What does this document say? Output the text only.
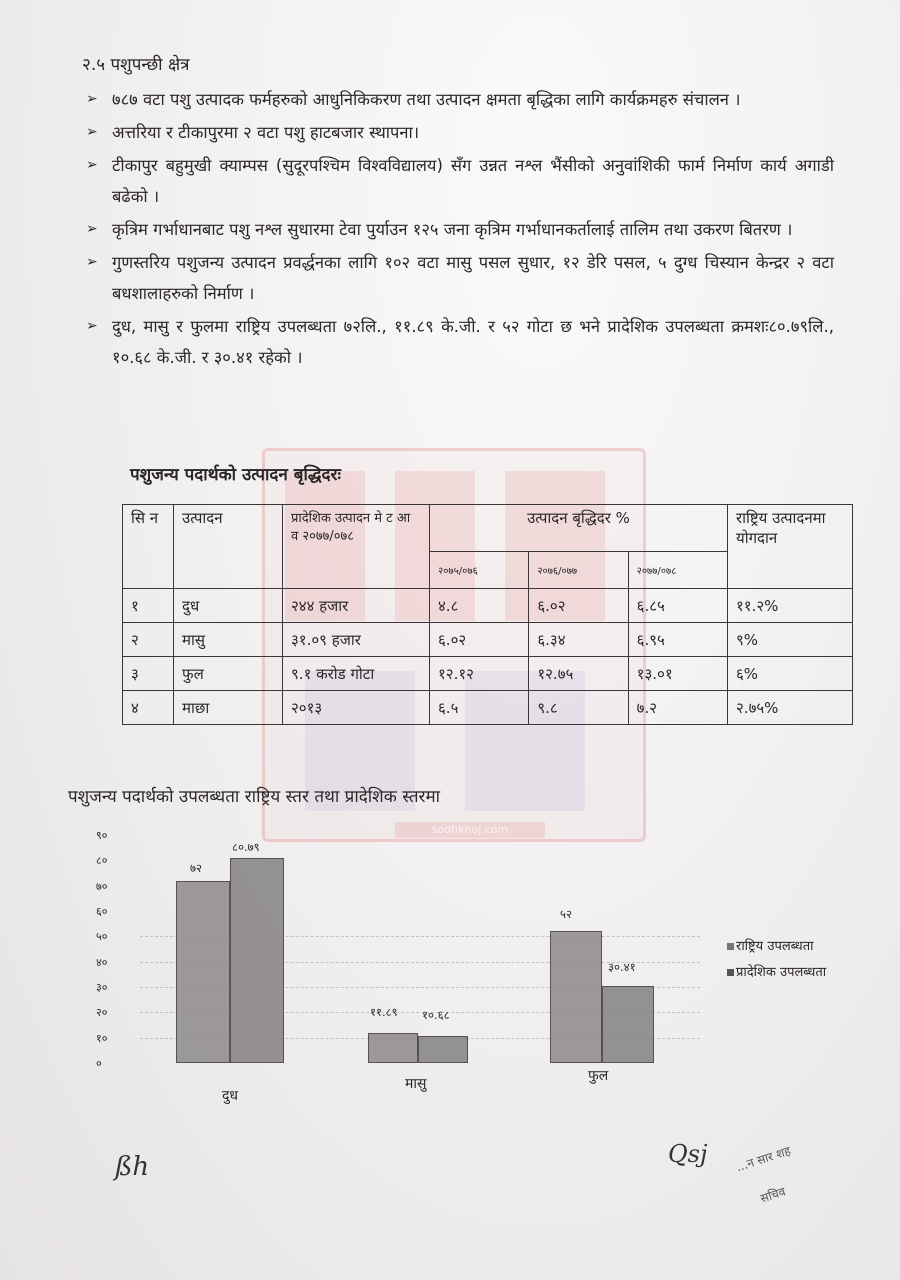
sodhkhoj.com
२.५ पशुपन्छी क्षेत्र
➢ ७८७ वटा पशु उत्पादक फर्महरुको आधुनिकिकरण तथा उत्पादन क्षमता बृद्धिका लागि कार्यक्रमहरु संचालन ।
➢ अत्तरिया र टीकापुरमा २ वटा पशु हाटबजार स्थापना।
➢ टीकापुर बहुमुखी क्याम्पस (सुदूरपश्चिम विश्वविद्यालय) सँग उन्नत नश्ल भैंसीको अनुवांशिकी फार्म निर्माण कार्य अगाडी बढेको ।
➢ कृत्रिम गर्भाधानबाट पशु नश्ल सुधारमा टेवा पुर्याउन १२५ जना कृत्रिम गर्भाधानकर्तालाई तालिम तथा उकरण बितरण ।
➢ गुणस्तरिय पशुजन्य उत्पादन प्रवर्द्धनका लागि १०२ वटा मासु पसल सुधार, १२ डेरि पसल, ५ दुग्ध चिस्यान केन्द्रर २ वटा बधशालाहरुको निर्माण ।
➢ दुध, मासु र फुलमा राष्ट्रिय उपलब्धता ७२लि., ११.८९ के.जी. र ५२ गोटा छ भने प्रादेशिक उपलब्धता क्रमशः८०.७९लि., १०.६८ के.जी. र ३०.४१ रहेको ।
पशुजन्य पदार्थको उत्पादन बृद्धिदरः
सि न	उत्पादन	प्रादेशिक उत्पादन मे ट आ व २०७७/०७८	उत्पादन बृद्धिदर %			राष्ट्रिय उत्पादनमा योगदान
			२०७५/०७६	२०७६/०७७	२०७७/०७८	
१	दुध	२४४ हजार	४.८	६.०२	६.८५	११.२%
२	मासु	३१.०९ हजार	६.०२	६.३४	६.९५	९%
३	फुल	९.१ करोड गोटा	१२.१२	१२.७५	१३.०१	६%
४	माछा	२०१३	६.५	९.८	७.२	२.७५%
पशुजन्य पदार्थको उपलब्धता राष्ट्रिय स्तर तथा प्रादेशिक स्तरमा
९०
८०
७०
६०
५०
४०
३०
२०
१०
०
७२
८०.७९
११.८९ १०.६८
५२
३०.४१
दुध
मासु	फुल
राष्ट्रिय उपलब्धता
प्रादेशिक उपलब्धता
ßh	Qsj ...न सार शह
सचिव
